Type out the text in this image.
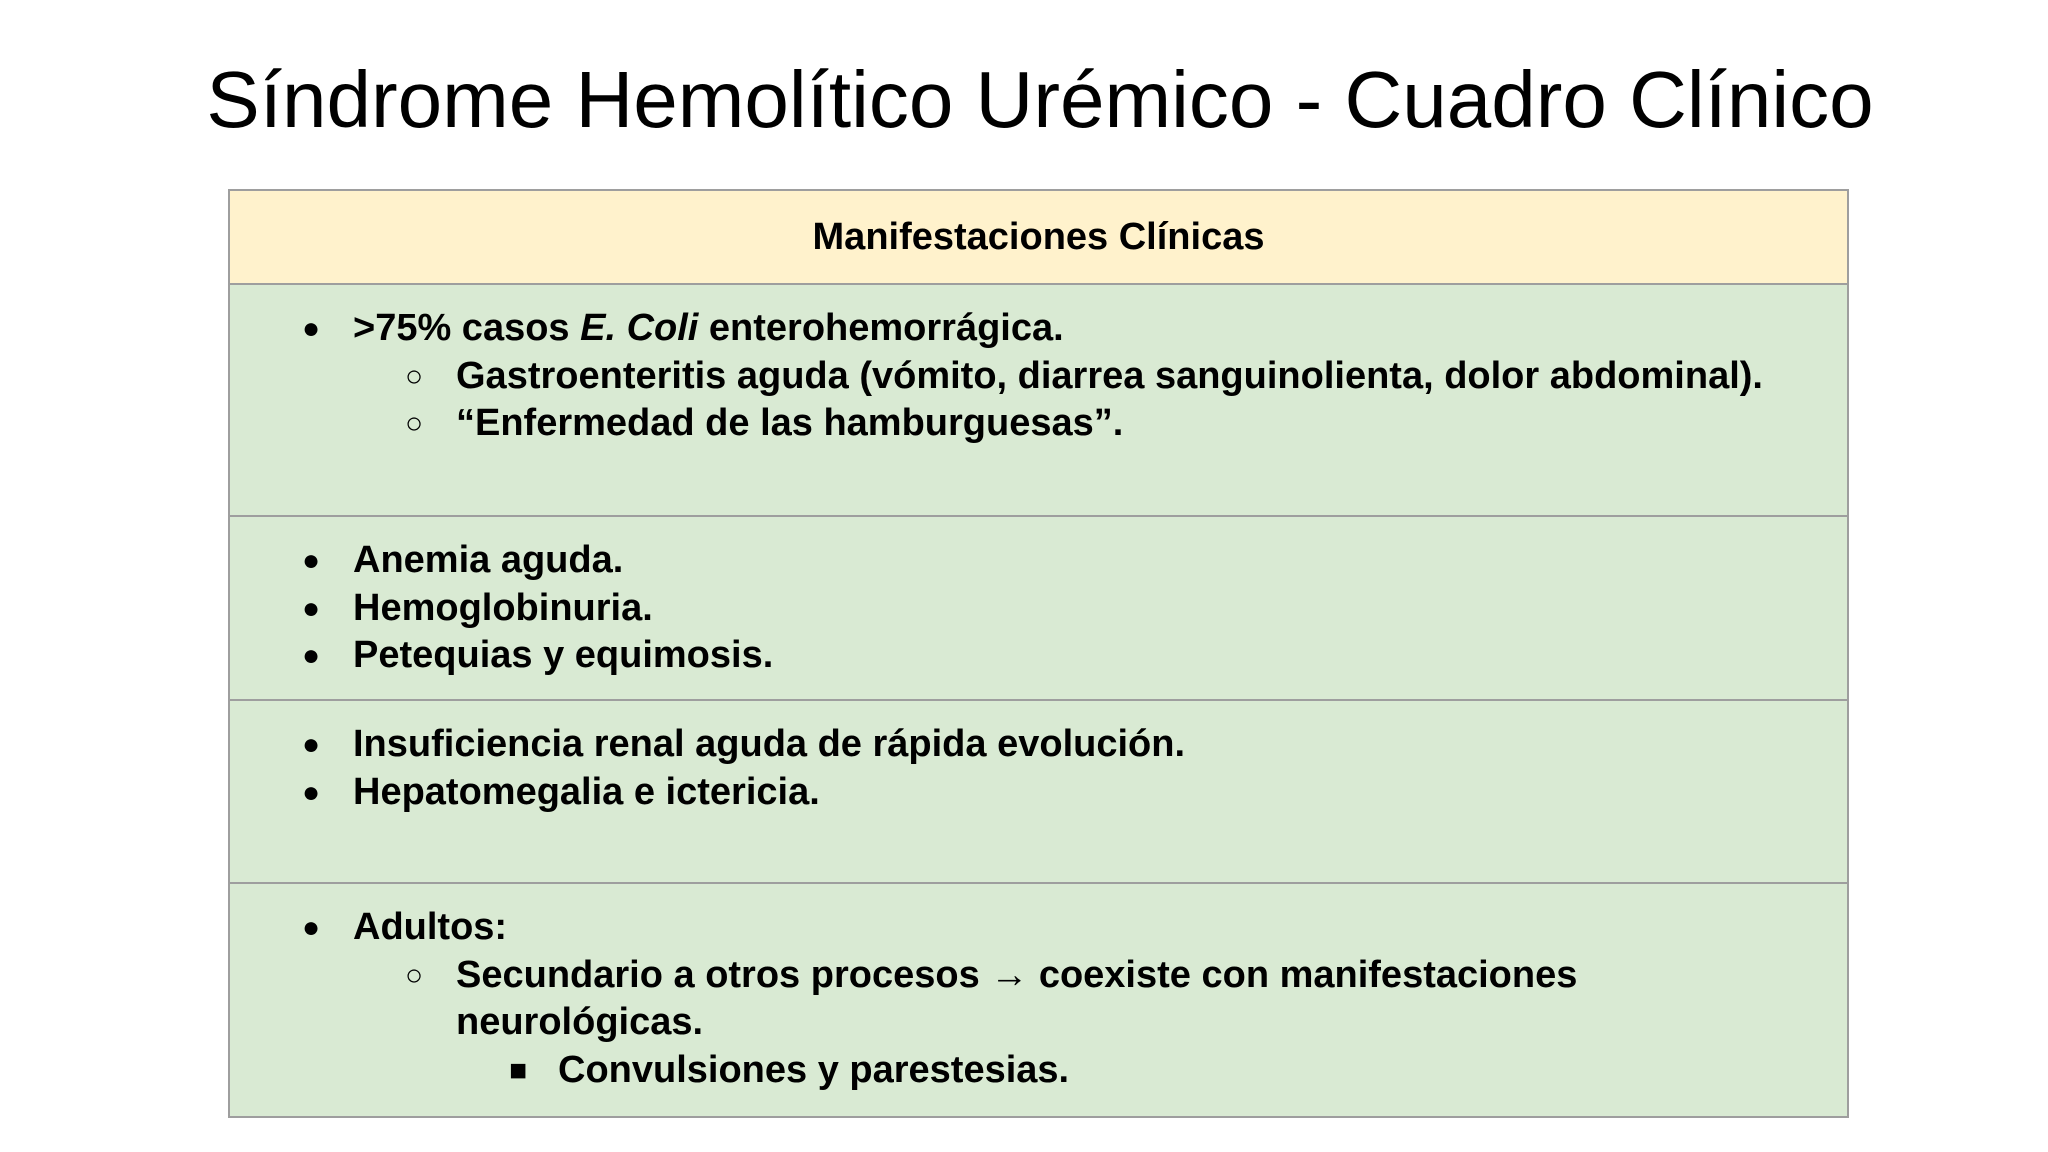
Síndrome Hemolítico Urémico - Cuadro Clínico
Manifestaciones Clínicas
● >75% casos E. Coli enterohemorrágica.
○ Gastroenteritis aguda (vómito, diarrea sanguinolienta, dolor abdominal).
○ “Enfermedad de las hamburguesas”.
● Anemia aguda.
● Hemoglobinuria.
● Petequias y equimosis.
● Insuficiencia renal aguda de rápida evolución.
● Hepatomegalia e ictericia.
● Adultos:
○ Secundario a otros procesos → coexiste con manifestaciones
neurológicas.
■ Convulsiones y parestesias.
